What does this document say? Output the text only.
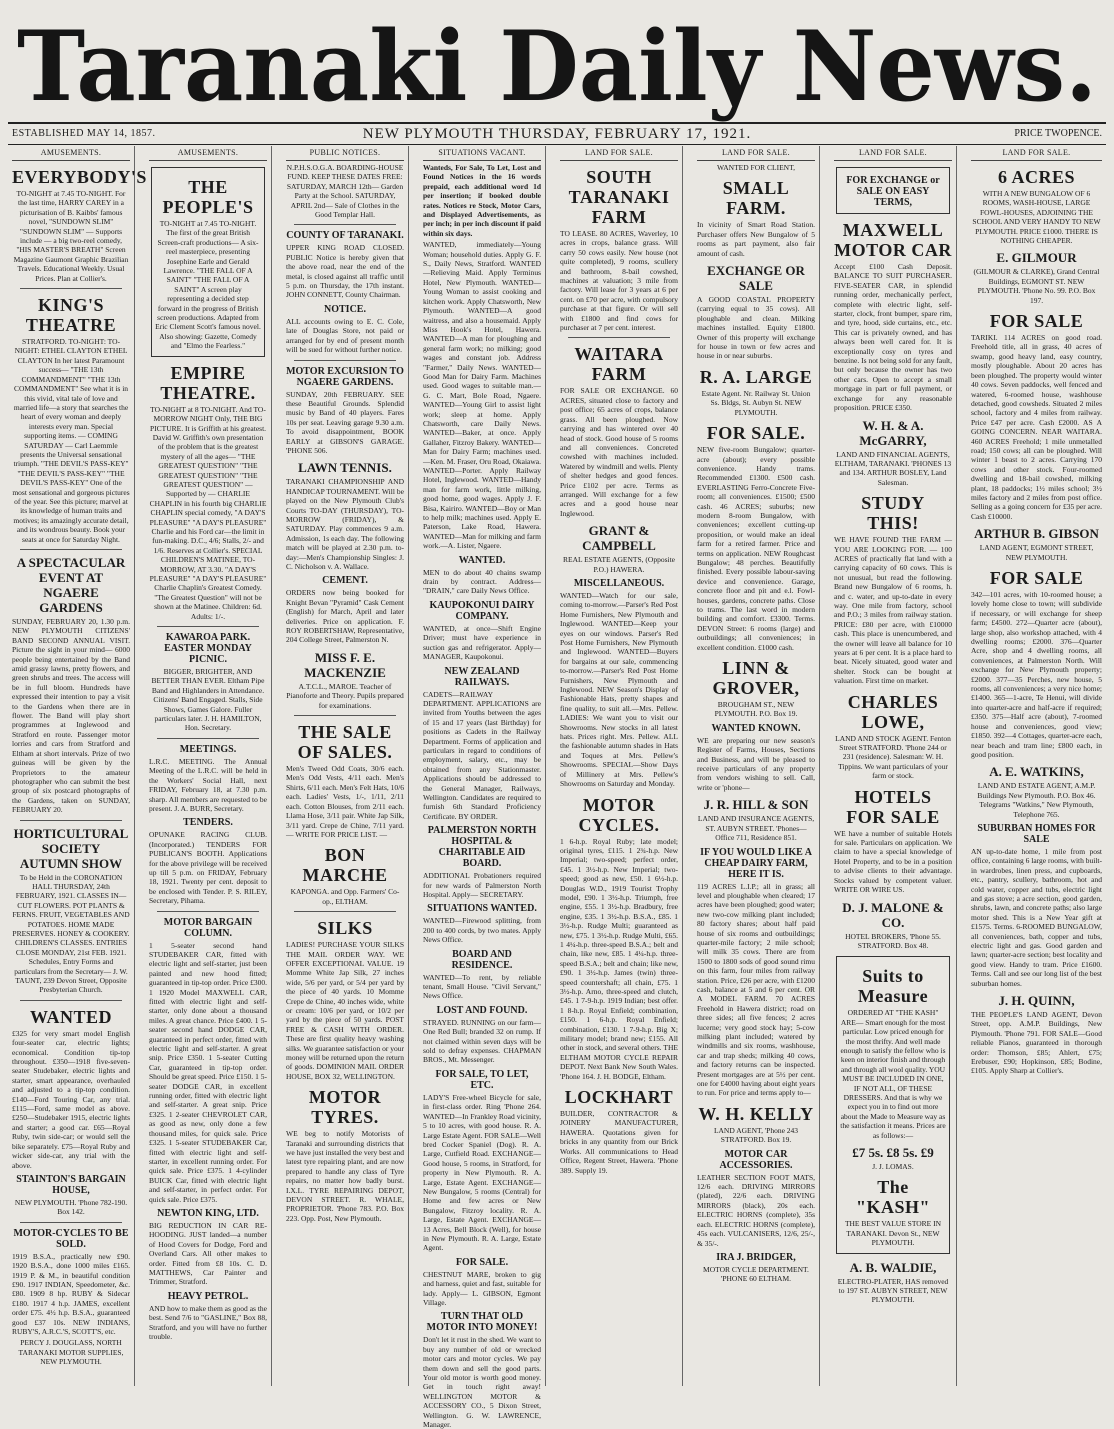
Taranaki Daily News.
ESTABLISHED MAY 14, 1857.	NEW PLYMOUTH THURSDAY, FEBRUARY 17, 1921.	PRICE TWOPENCE.
AMUSEMENTS.
EVERYBODY'S

TO-NIGHT at 7.45 TO-NIGHT. For the last time, HARRY CAREY in a picturisation of B. Kaibbs' famous novel, "SUNDOWN SLIM" "SUNDOWN SLIM" — Supports include — a big two-reel comedy, "HIS MASTER'S BREATH" Screen Magazine Gaumont Graphic Brazilian Travels. Educational Weekly. Usual Prices. Plan at Collier's.

KING'S THEATRE

STRATFORD. TO-NIGHT: TO-NIGHT: ETHEL CLAYTON ETHEL CLAYTON In her latest Paramount success— "THE 13th COMMANDMENT" "THE 13th COMMANDMENT" See what it is in this vivid, vital tale of love and married life—a story that searches the heart of every woman and deeply interests every man. Special supporting items. — COMING SATURDAY — Carl Laemmle presents the Universal sensational triumph. "THE DEVIL'S PASS-KEY" "THE DEVIL'S PASS-KEY" "THE DEVIL'S PASS-KEY" One of the most sensational and gorgeous pictures of the year. See this picture; marvel at its knowledge of human traits and motives; its amazingly accurate detail, and its wondrous beauty. Book your seats at once for Saturday Night.

A SPECTACULAR EVENT AT NGAERE GARDENS

SUNDAY, FEBRUARY 20, 1.30 p.m. NEW PLYMOUTH CITIZENS' BAND SECOND ANNUAL VISIT. Picture the sight in your mind— 6000 people being entertained by the Band amid grassy lawns, pretty flowers, and green shrubs and trees. The access will be in full bloom. Hundreds have expressed their intention to pay a visit to the Gardens when there are in flower. The Band will play short programmes at Inglewood and Stratford en route. Passenger motor lorries and cars from Stratford and Eltham at short intervals. Prize of two guineas will be given by the Proprietors to the amateur photographer who can submit the best group of six postcard photographs of the Gardens, taken on SUNDAY, FEBRUARY 20.

HORTICULTURAL SOCIETY AUTUMN SHOW

To be Held in the CORONATION HALL THURSDAY, 24th FEBRUARY, 1921. CLASSES IN— CUT FLOWERS. POT PLANTS & FERNS. FRUIT, VEGETABLES AND POTATOES. HOME MADE PRESERVES. HONEY & COOKERY. CHILDREN'S CLASSES. ENTRIES CLOSE MONDAY, 21st FEB. 1921. Schedules, Entry Forms and particulars from the Secretary— J. W. TAUNT, 239 Devon Street, Opposite Presbyterian Church.

WANTED

£325 for very smart model English four-seater car, electric lights; economical. Condition tip-top throughout. £350—1918 five-seven-seater Studebaker, electric lights and starter, smart appearance, overhauled and adjusted to a tip-top condition. £140—Ford Touring Car, any trial. £115—Ford, same model as above. £250—Studebaker 1915, electric lights and starter; a good car. £65—Royal Ruby, twin side-car; or would sell the bike separately. £75—Royal Ruby and wicker side-car, any trial with the above.

STAINTON'S BARGAIN HOUSE,

NEW PLYMOUTH. 'Phone 782-190. Box 142.

MOTOR-CYCLES TO BE SOLD.

1919 B.S.A., practically new £90. 1920 B.S.A., done 1000 miles £165. 1919 P. & M., in beautiful condition £90. 1917 INDIAN, Speedometer, &c. £80. 1909 8 hp. RUBY & Sidecar £180. 1917 4 h.p. JAMES, excellent order £75. 4½ h.p. B.S.A., guaranteed good £37 10s. NEW INDIANS, RUBY'S, A.R.C.'S, SCOTT'S, etc.

PERCY J. DOUGLASS, NORTH TARANAKI MOTOR SUPPLIES, NEW PLYMOUTH.

AMUSEMENTS.
THE PEOPLE'S

TO-NIGHT at 7.45 TO-NIGHT. The first of the great British Screen-craft productions— A six-reel masterpiece, presenting Josephine Earle and Gerald Lawrence. "THE FALL OF A SAINT" "THE FALL OF A SAINT" A screen play representing a decided step forward in the progress of British screen productions. Adapted from Eric Clement Scott's famous novel. Also showing: Gazette, Comedy and "Elmo the Fearless."

EMPIRE THEATRE.

TO-NIGHT at 8 TO-NIGHT. And TO-MORROW NIGHT Only, THE BIG PICTURE. It is Griffith at his greatest. David W. Griffith's own presentation of the problem that is the greatest mystery of all the ages— "THE GREATEST QUESTION" "THE GREATEST QUESTION" "THE GREATEST QUESTION" — Supported by — CHARLIE CHAPLIN in his fourth big CHARLIE CHAPLIN special comedy, "A DAY'S PLEASURE" "A DAY'S PLEASURE" Charlie and his Ford car—the limit in fun-making. D.C., 4/6; Stalls, 2/- and 1/6. Reserves at Collier's. SPECIAL CHILDREN'S MATINEE, TO-MORROW, AT 3.30. "A DAY'S PLEASURE" "A DAY'S PLEASURE" Charlie Chaplin's Greatest Comedy. "The Greatest Question" will not be shown at the Matinee. Children: 6d. Adults: 1/-.

KAWAROA PARK. EASTER MONDAY PICNIC.

BIGGER, BRIGHTER, AND BETTER THAN EVER. Eltham Pipe Band and Highlanders in Attendance. Citizens' Band Engaged. Stalls, Side Shows, Games Galore. Fuller particulars later. J. H. HAMILTON, Hon. Secretary.

MEETINGS.

L.R.C. MEETING. The Annual Meeting of the L.R.C. will be held in the Workers' Social Hall, next FRIDAY, February 18, at 7.30 p.m. sharp. All members are requested to be present. J. A. BURR, Secretary.

TENDERS.

OPUNAKE RACING CLUB. (Incorporated.) TENDERS FOR PUBLICAN'S BOOTH. Applications for the above privilege will be received up till 5 p.m. on FRIDAY, February 18, 1921. Twenty per cent. deposit to be enclosed with Tender. P. S. RILEY, Secretary, Pihama.

MOTOR BARGAIN COLUMN.

1 5-seater second hand STUDEBAKER CAR, fitted with electric light and self-starter, just been painted and new hood fitted; guaranteed in tip-top order. Price £300. 1 1920 Model MAXWELL CAR, fitted with electric light and self-starter, only done about a thousand miles. A great chance. Price £400. 1 5-seater second hand DODGE CAR, guaranteed in perfect order, fitted with electric light and self-starter. A great snip. Price £350. 1 5-seater Cutting Car, guaranteed in tip-top order. Should be great speed. Price £150. 1 5-seater DODGE CAR, in excellent running order, fitted with electric light and self-starter. A great snip. Price £325. 1 2-seater CHEVROLET CAR, as good as new, only done a few thousand miles, for quick sale. Price £325. 1 5-seater STUDEBAKER Car, fitted with electric light and self-starter, in excellent running order. For quick sale. Price £375. 1 4-cylinder BUICK Car, fitted with electric light and self-starter, in perfect order. For quick sale. Price £375.

NEWTON KING, LTD.

BIG REDUCTION IN CAR RE-HOODING. JUST landed—a number of Hood Covers for Dodge, Ford and Overland Cars. All other makes to order. Fitted from £8 10s. C. D. MATTHEWS, Car Painter and Trimmer, Stratford.

HEAVY PETROL.

AND how to make them as good as the best. Send 7/6 to "GASLINE," Box 88, Stratford, and you will have no further trouble.

PUBLIC NOTICES.

N.P.H.S.O.G.A. BOARDING-HOUSE FUND. KEEP THESE DATES FREE: SATURDAY, MARCH 12th— Garden Party at the School. SATURDAY, APRIL 2nd— Sale of Clothes in the Good Templar Hall.

COUNTY OF TARANAKI.

UPPER KING ROAD CLOSED. PUBLIC Notice is hereby given that the above road, near the end of the metal, is closed against all traffic until 5 p.m. on Thursday, the 17th instant. JOHN CONNETT, County Chairman.

NOTICE.

ALL accounts owing to E. C. Cole, late of Douglas Store, not paid or arranged for by end of present month will be sued for without further notice.

MOTOR EXCURSION TO NGAERE GARDENS.

SUNDAY, 20th FEBRUARY. SEE these Beautiful Grounds. Splendid music by Band of 40 players. Fares 10s per seat. Leaving garage 9.30 a.m. To avoid disappointment, BOOK EARLY at GIBSON'S GARAGE. 'PHONE 506.

LAWN TENNIS.

TARANAKI CHAMPIONSHIP AND HANDICAP TOURNAMENT. Will be played on the New Plymouth Club's Courts TO-DAY (THURSDAY), TO-MORROW (FRIDAY), & SATURDAY. Play commences 9 a.m. Admission, 1s each day. The following match will be played at 2.30 p.m. to-day:—Men's Championship Singles: J. C. Nicholson v. A. Wallace.

CEMENT.

ORDERS now being booked for Knight Bevan "Pyramid" Cask Cement (English) for March, April and later deliveries. Price on application. F. ROY ROBERTSHAW, Representative, 204 College Street, Palmerston N.

MISS F. E. MACKENZIE

A.T.C.L., MAROE. Teacher of Pianoforte and Theory. Pupils prepared for examinations.

THE SALE OF SALES.

Men's Tweed Odd Coats, 30/6 each. Men's Odd Vests, 4/11 each. Men's Shirts, 6/11 each. Men's Felt Hats, 10/6 each. Ladies' Vests, 1/-, 1/11, 2/11 each. Cotton Blouses, from 2/11 each. Llama Hose, 3/11 pair. White Jap Silk, 3/11 yard. Crepe de Chine, 7/11 yard. — WRITE FOR PRICE LIST. —

BON MARCHE

KAPONGA. and Opp. Farmers' Co-op., ELTHAM.

SILKS

LADIES! PURCHASE YOUR SILKS THE MAIL ORDER WAY. WE OFFER EXCEPTIONAL VALUE. 19 Momme White Jap Silk, 27 inches wide, 5/6 per yard, or 5/4 per yard by the piece of 40 yards. 10 Momme Crepe de Chine, 40 inches wide, white or cream: 10/6 per yard, or 10/2 per yard by the piece of 50 yards. POST FREE & CASH WITH ORDER. These are first quality heavy washing silks. We guarantee satisfaction or your money will be returned upon the return of goods. DOMINION MAIL ORDER HOUSE, BOX 32, WELLINGTON.

MOTOR TYRES.

WE beg to notify Motorists of Taranaki and surrounding districts that we have just installed the very best and latest tyre repairing plant, and are now prepared to handle any class of Tyre repairs, no matter how badly burst. I.X.L. TYRE REPAIRING DEPOT, DEVON STREET. R. WHALE, PROPRIETOR. 'Phone 783. P.O. Box 223. Opp. Post, New Plymouth.

SITUATIONS VACANT.

Wanteds, For Sale, To Let, Lost and Found Notices in the 16 words prepaid, each additional word 1d per insertion; if booked double rates. Notices re Stock, Motor Cars, and Displayed Advertisements, as per inch; in per inch discount if paid within six days.

WANTED, immediately—Young Woman; household duties. Apply G. F. S., Daily News, Stratford. WANTED—Relieving Maid. Apply Terminus Hotel, New Plymouth. WANTED—Young Woman to assist cooking and kitchen work. Apply Chatsworth, New Plymouth. WANTED—A good waitress, and also a housemaid. Apply Miss Hook's Hotel, Hawera. WANTED—A man for ploughing and general farm work; no milking; good wages and constant job. Address "Farmer," Daily News. WANTED—Good Man for Dairy Farm. Machines used. Good wages to suitable man.—G. C. Mart, Bole Road, Ngaere. WANTED—Young Girl to assist light work; sleep at home. Apply Chatsworth, care Daily News. WANTED—Baker, at once. Apply Gallaher, Fitzroy Bakery. WANTED—Man for Dairy Farm; machines used.—Ken. M. Fraser, Oru Road, Okaiawa. WANTED—Porter. Apply Railway Hotel, Inglewood. WANTED—Handy man for farm work, little milking, good home, good wages. Apply J. F. Bisa, Kairiro. WANTED—Boy or Man to help milk; machines used. Apply E. Paterson, Lake Road, Hawera. WANTED—Man for milking and farm work.—A. Lister, Ngaere.

WANTED.

MEN to do about 40 chains swamp drain by contract. Address— "DRAIN," care Daily News Office.

KAUPOKONUI DAIRY COMPANY.

WANTED, at once—Shift Engine Driver; must have experience in suction gas and refrigerator. Apply— MANAGER, Kaupokonui.

NEW ZEALAND RAILWAYS.

CADETS—RAILWAY DEPARTMENT. APPLICATIONS are invited from Youths between the ages of 15 and 17 years (last Birthday) for positions as Cadets in the Railway Department. Forms of application and particulars in regard to conditions of employment, salary, etc., may be obtained from any Stationmaster. Applications should be addressed to the General Manager, Railways, Wellington. Candidates are required to furnish 6th Standard Proficiency Certificate. BY ORDER.

PALMERSTON NORTH HOSPITAL & CHARITABLE AID BOARD.

ADDITIONAL Probationers required for new wards of Palmerston North Hospital. Apply— SECRETARY.

SITUATIONS WANTED.

WANTED—Firewood splitting, from 200 to 400 cords, by two mates. Apply News Office.

BOARD AND RESIDENCE.

WANTED—To rent, by reliable tenant, Small House. "Civil Servant," News Office.

LOST AND FOUND.

STRAYED. RUNNING on our farm—One Red Bull; branded 32 on rump. If not claimed within seven days will be sold to defray expenses. CHAPMAN BROS., Mt. Messenger.

FOR SALE, TO LET, ETC.

LADY'S Free-wheel Bicycle for sale, in first-class order. Ring 'Phone 264. WANTED—In Frankley Road vicinity, 5 to 10 acres, with good house. R. A. Large Estate Agent. FOR SALE—Well bred Cocker Spaniel (Dog). R. A. Large, Cutfield Road. EXCHANGE—Good house, 5 rooms, in Stratford, for property in New Plymouth. R. A. Large, Estate Agent. EXCHANGE—New Bungalow, 5 rooms (Central) for Home and few acres or New Bungalow, Fitzroy locality. R. A. Large, Estate Agent. EXCHANGE—13 Acres, Bell Block (Well), for house in New Plymouth. R. A. Large, Estate Agent.

FOR SALE.

CHESTNUT MARE, broken to gig and harness, quiet and fast, suitable for lady. Apply— L. GIBSON, Egmont Village.

TURN THAT OLD MOTOR INTO MONEY!

Don't let it rust in the shed. We want to buy any number of old or wrecked motor cars and motor cycles. We pay them down and sell the good parts. Your old motor is worth good money. Get in touch right away! WELLINGTON MOTOR & ACCESSORY CO., 5 Dixon Street, Wellington. G. W. LAWRENCE, Manager.

LAND FOR SALE.
SOUTH TARANAKI FARM

TO LEASE. 80 ACRES, Waverley, 10 acres in crops, balance grass. Will carry 50 cows easily. New house (not quite completed), 9 rooms, scullery and bathroom, 8-bail cowshed, machines at valuation; 3 mile from factory. Will lease for 3 years at 6 per cent. on £70 per acre, with compulsory purchase at that figure. Or will sell with £1800 and find cows for purchaser at 7 per cent. interest.

WAITARA FARM

FOR SALE OR EXCHANGE. 60 ACRES, situated close to factory and post office; 65 acres of crops, balance grass. All been ploughed. Now carrying and has wintered over 40 head of stock. Good house of 5 rooms and all conveniences. Concreted cowshed with machines included. Watered by windmill and wells. Plenty of shelter hedges and good fences. Price £102 per acre. Terms as arranged. Will exchange for a few acres and a good house near Inglewood.

GRANT & CAMPBELL

REAL ESTATE AGENTS, (Opposite P.O.) HAWERA.

MISCELLANEOUS.

WANTED—Watch for our sale, coming to-morrow.—Parser's Red Post Home Furnishers, New Plymouth and Inglewood. WANTED—Keep your eyes on our windows. Parser's Red Post Home Furnishers, New Plymouth and Inglewood. WANTED—Buyers for bargains at our sale, commencing to-morrow.—Parser's Red Post Home Furnishers, New Plymouth and Inglewood. NEW Season's Display of Fashionable Hats, pretty shapes and fine quality, to suit all.—Mrs. Pellew. LADIES: We want you to visit our Showrooms. New stocks in all latest hats. Prices right. Mrs. Pellew. ALL the fashionable autumn shades in Hats and Toques at Mrs. Pellew's Showrooms. SPECIAL—Show Days of Millinery at Mrs. Pellew's Showrooms on Saturday and Monday.

MOTOR CYCLES.

1 6-h.p. Royal Ruby; late model; original tyres, £115. 1 2¾-h.p. New Imperial; two-speed; perfect order, £45. 1 3½-h.p. New Imperial; two-speed; good as new, £50. 1 6½-h.p. Douglas W.D., 1919 Tourist Trophy model, £90. 1 3½-h.p. Triumph, free engine, £55. 1 3½-h.p. Bradbury, free engine, £35. 1 3½-h.p. B.S.A., £85. 1 3½-h.p. Rudge Multi; guaranteed as new, £75. 1 3½-h.p. Rudge Multi, £65. 1 4¼-h.p. three-speed B.S.A.; belt and chain, like new, £85. 1 4¼-h.p. three-speed B.S.A.; belt and chain; like new, £90. 1 3½-h.p. James (twin) three-speed countershaft; all chain, £75. 1 3½-h.p. Arno, three-speed and clutch, £45. 1 7-9-h.p. 1919 Indian; best offer. 1 8-h.p. Royal Enfield; combination, £150. 1 6-h.p. Royal Enfield; combination, £130. 1 7-9-h.p. Big X; military model; brand new; £155. All other in stock, and several others. THE ELTHAM MOTOR CYCLE REPAIR DEPOT. Next Bank New South Wales. 'Phone 164. J. H. BODGE, Eltham.

LOCKHART

BUILDER, CONTRACTOR & JOINERY MANUFACTURER, HAWERA. Quotations given for bricks in any quantity from our Brick Works. All communications to Head Office, Regent Street, Hawera. 'Phone 389. Supply 19.

LAND FOR SALE.

WANTED FOR CLIENT,

SMALL FARM.

In vicinity of Smart Road Station. Purchaser offers New Bungalow of 5 rooms as part payment, also fair amount of cash.

EXCHANGE OR SALE

A GOOD COASTAL PROPERTY (carrying equal to 35 cows). All ploughable and clean. Milking machines installed. Equity £1800. Owner of this property will exchange for house in town or few acres and house in or near suburbs.

R. A. LARGE

Estate Agent. Nr. Railway St. Union Ss. Bldgs, St. Aubyn St. NEW PLYMOUTH.

FOR SALE.

NEW five-room Bungalow; quarter-acre (about); every possible convenience. Handy trams. Recommended £1300. £500 cash. EVERLASTING Ferro-Concrete Five-room; all conveniences. £1500; £500 cash. 46 ACRES; suburbs; new modern 8-room Bungalow, with conveniences; excellent cutting-up proposition, or would make an ideal farm for a retired farmer. Price and terms on application. NEW Roughcast Bungalow; 48 perches. Beautifully finished. Every possible labour-saving device and convenience. Garage, concrete floor and pit and e.l. Fowl-houses, gardens, concrete paths. Close to trams. The last word in modern building and comfort. £3300. Terms. DEVON Street: 6 rooms (large) and outbuildings; all conveniences; in excellent condition. £1000 cash.

LINN & GROVER,

BROUGHAM ST., NEW PLYMOUTH. P.O. Box 19.

WANTED KNOWN.

WE are preparing our new season's Register of Farms, Houses, Sections and Business, and will be pleased to receive particulars of any property from vendors wishing to sell. Call, write or 'phone—

J. R. HILL & SON

LAND AND INSURANCE AGENTS, ST. AUBYN STREET. 'Phones—Office 711, Residence 851.

IF YOU WOULD LIKE A CHEAP DAIRY FARM, HERE IT IS.

119 ACRES L.I.P.; all in grass; all level and ploughable when cleared; 17 acres have been ploughed; good water; new two-cow milking plant included; 80 factory shares; about half paid house of six rooms and outbuildings; quarter-mile factory; 2 mile school; will milk 35 cows. There are from 1500 to 1800 sods of good sound rimu on this farm, four miles from railway station. Price, £26 per acre, with £1200 cash, balance at 5 and 6 per cent. OR A MODEL FARM. 70 ACRES Freehold in Hawera district; road on three sides; all five fences; 2 acres lucerne; very good stock hay; 5-cow milking plant included; watered by windmills and six rooms, washhouse, car and trap sheds; milking 40 cows, and factory returns can be inspected. Present mortgages are at 5½ per cent. one for £4000 having about eight years to run. For price and terms apply to—

W. H. KELLY

LAND AGENT, 'Phone 243 STRATFORD. Box 19.

MOTOR CAR ACCESSORIES.

LEATHER SECTION FOOT MATS, 12/6 each. DRIVING MIRRORS (plated), 22/6 each. DRIVING MIRRORS (black), 20s each. ELECTRIC HORNS (complete), 35s each. ELECTRIC HORNS (complete), 45s each. VULCANISERS, 12/6, 25/-, & 35/-.

IRA J. BRIDGER,

MOTOR CYCLE DEPARTMENT. 'PHONE 60 ELTHAM.

LAND FOR SALE.
FOR EXCHANGE or SALE ON EASY TERMS,
MAXWELL MOTOR CAR

Accept £100 Cash Deposit. BALANCE TO SUIT PURCHASER. FIVE-SEATER CAR, in splendid running order, mechanically perfect, complete with electric light, self-starter, clock, front bumper, spare rim, and tyre, hood, side curtains, etc., etc. This car is privately owned, and has always been well cared for. It is exceptionally cosy on tyres and benzine. Is not being sold for any fault, but only because the owner has two other cars. Open to accept a small mortgage in part or full payment, or exchange for any reasonable proposition. PRICE £350.

W. H. & A. McGARRY,

LAND AND FINANCIAL AGENTS, ELTHAM, TARANAKI. 'PHONES 13 and 134. ARTHUR BOSLEY, Land Salesman.

STUDY THIS!

WE HAVE FOUND THE FARM — YOU ARE LOOKING FOR. — 100 ACRES of practically flat land with a carrying capacity of 60 cows. This is not unusual, but read the following. Brand new Bungalow of 6 rooms, h. and c. water, and up-to-date in every way. One mile from factory, school and P.O.; 3 miles from railway station. PRICE: £80 per acre, with £10000 cash. This place is unencumbered, and the owner will leave all balance for 10 years at 6 per cent. It is a place hard to beat. Nicely situated, good water and shelter. Stock can be bought at valuation. First time on market.

CHARLES LOWE,

LAND AND STOCK AGENT. Fenton Street STRATFORD. 'Phone 244 or 231 (residence). Salesman: W. H. Tippins. We want particulars of your farm or stock.

HOTELS FOR SALE

WE have a number of suitable Hotels for sale. Particulars on application. We claim to have a special knowledge of Hotel Property, and to be in a position to advise clients to their advantage. Stocks valued by competent valuer. WRITE OR WIRE US.

D. J. MALONE & CO.

HOTEL BROKERS, 'Phone 55. STRATFORD. Box 48.

Suits to Measure

ORDERED AT "THE KASH" ARE— Smart enough for the most particular. Low priced enough for the most thrifty. And well made enough to satisfy the fellow who is keen on interior finish and through and through all wool quality. YOU MUST BE INCLUDED IN ONE, IF NOT ALL, OF THESE DRESSERS. And that is why we expect you in to find out more about the Made to Measure way as the satisfaction it means. Prices are as follows:—

£7 5s. £8 5s. £9

J. J. LOMAS.

The "KASH"

THE BEST VALUE STORE IN TARANAKI. Devon St., NEW PLYMOUTH.

A. B. WALDIE,

ELECTRO-PLATER, HAS removed to 197 ST. AUBYN STREET, NEW PLYMOUTH.

LAND FOR SALE.
6 ACRES

WITH A NEW BUNGALOW OF 6 ROOMS, WASH-HOUSE, LARGE FOWL-HOUSES, ADJOINING THE SCHOOL AND VERY HANDY TO NEW PLYMOUTH. PRICE £1000. THERE IS NOTHING CHEAPER.

E. GILMOUR

(GILMOUR & CLARKE), Grand Central Buildings, EGMONT ST. NEW PLYMOUTH. 'Phone No. 99. P.O. Box 197.

FOR SALE

TARIKI. 114 ACRES on good road. Freehold title, all in grass, 40 acres of swamp, good heavy land, easy country, mostly ploughable. About 20 acres has been ploughed. The property would winter 40 cows. Seven paddocks, well fenced and watered, 6-roomed house, washhouse detached, good cowsheds. Situated 2 miles school, factory and 4 miles from railway. Price £47 per acre. Cash £2000. AS A GOING CONCERN. NEAR WAITARA. 460 ACRES Freehold; 1 mile unmetalled road; 150 cows; all can be ploughed. Will winter 1 beast to 2 acres. Carrying 170 cows and other stock. Four-roomed dwelling and 18-bail cowshed, milking plant, 18 paddocks; 1½ miles school; 3½ miles factory and 2 miles from post office. Selling as a going concern for £35 per acre. Cash £10000.

ARTHUR B. GIBSON

LAND AGENT, EGMONT STREET, NEW PLYMOUTH.

FOR SALE

342—101 acres, with 10-roomed house; a lovely home close to town; will subdivide if necessary, or will exchange for sheep farm; £4500. 272—Quarter acre (about), large shop, also workshop attached, with 4 dwelling rooms; £2000. 376—Quarter Acre, shop and 4 dwelling rooms, all conveniences, at Palmerston North. Will exchange for New Plymouth property; £2000. 377—35 Perches, new house, 5 rooms, all conveniences; a very nice home; £1400. 365—1-acre, Te Henui, will divide into quarter-acre and half-acre if required; £350. 375—Half acre (about), 7-roomed house and conveniences, good view; £1850. 392—4 Cottages, quarter-acre each, near beach and tram line; £800 each, in good position.

A. E. WATKINS,

LAND AND ESTATE AGENT, A.M.P. Buildings New Plymouth. P.O. Box 46. Telegrams "Watkins," New Plymouth, Telephone 765.

SUBURBAN HOMES FOR SALE

AN up-to-date home, 1 mile from post office, containing 6 large rooms, with built-in wardrobes, linen press, and cupboards, etc., pantry, scullery, bathroom, hot and cold water, copper and tubs, electric light and gas stove; a acre section, good garden, shrubs, lawn, and concrete paths; also large motor shed. This is a New Year gift at £1575. Terms. 6-ROOMED BUNGALOW, all conveniences, bath, copper and tubs, electric light and gas. Good garden and lawn; quarter-acre section; best locality and good view. Handy to tram. Price £1600. Terms. Call and see our long list of the best suburban homes.

J. H. QUINN,

THE PEOPLE'S LAND AGENT, Devon Street, opp. A.M.P. Buildings, New Plymouth. 'Phone 791. FOR SALE—Good reliable Pianos, guaranteed in thorough order: Thomson, £85; Ahlert, £75; Erebuser, £90; Hopkinson, £85; Bodine, £105. Apply Sharp at Collier's.
